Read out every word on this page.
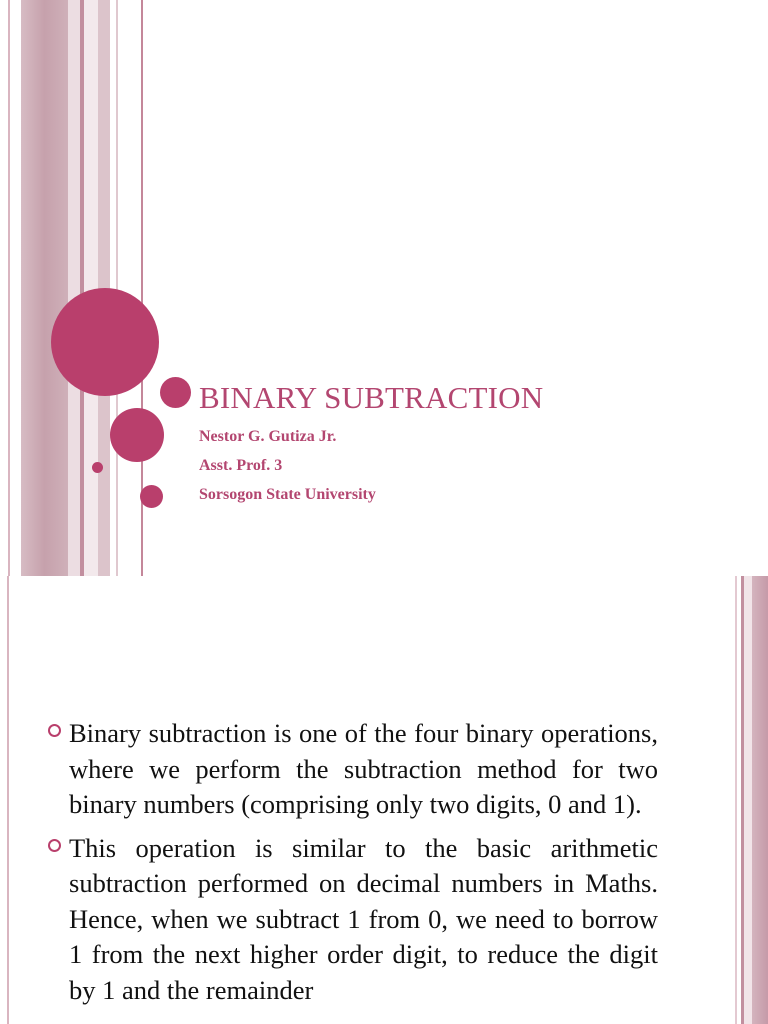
BINARY SUBTRACTION
Nestor G. Gutiza Jr.
Asst. Prof. 3
Sorsogon State University
Binary subtraction is one of the four binary operations, where we perform the subtraction method for two binary numbers (comprising only two digits, 0 and 1).
This operation is similar to the basic arithmetic subtraction performed on decimal numbers in Maths. Hence, when we subtract 1 from 0, we need to borrow 1 from the next higher order digit, to reduce the digit by 1 and the remainder
